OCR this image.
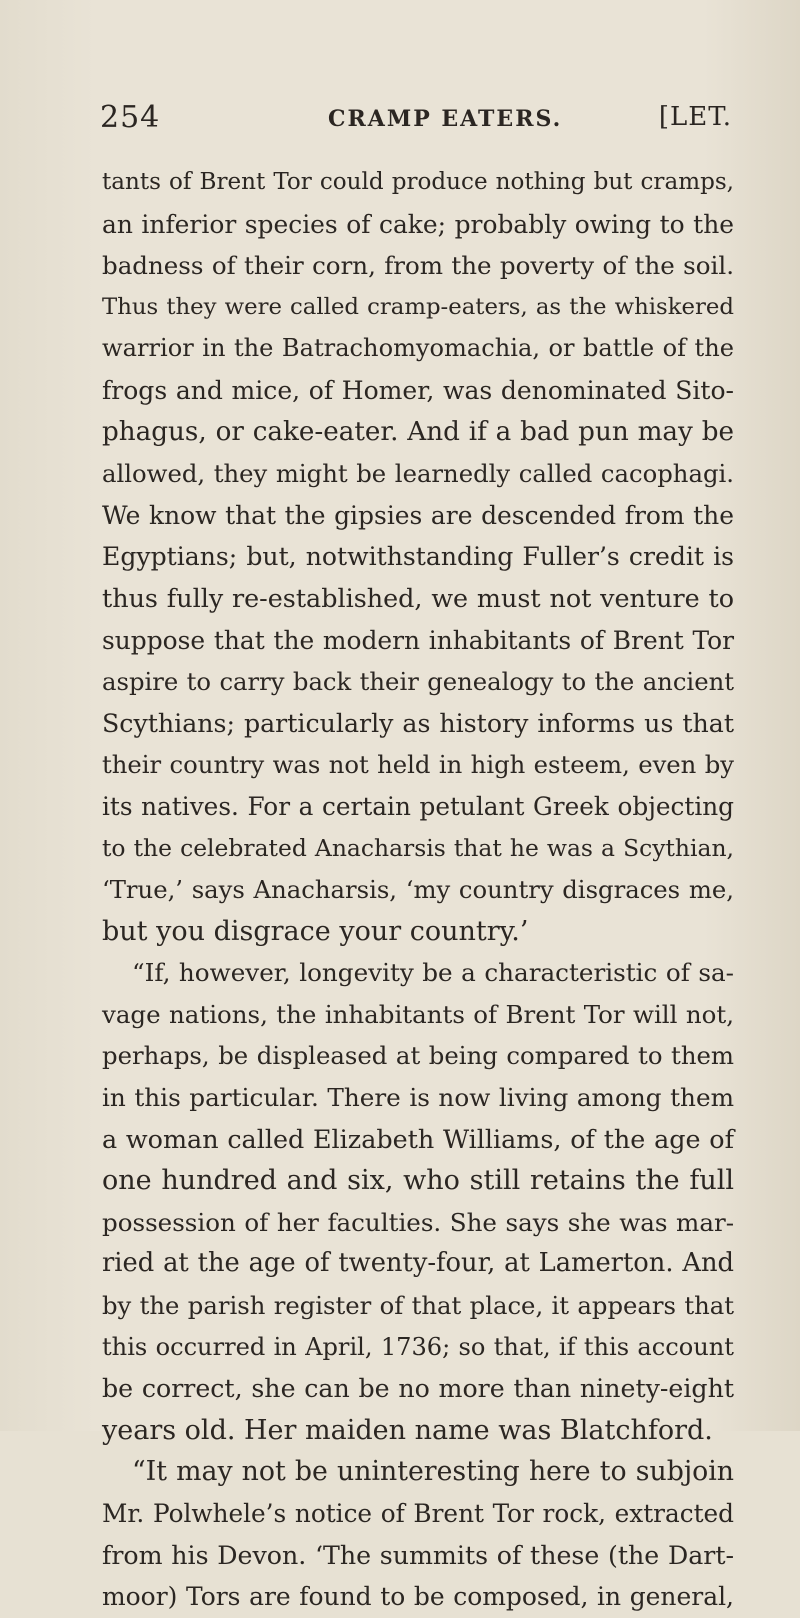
254	CRAMP EATERS.	[LET.
tants of Brent Tor could produce nothing but cramps,
an inferior species of cake; probably owing to the
badness of their corn, from the poverty of the soil.
Thus they were called cramp-eaters, as the whiskered
warrior in the Batrachomyomachia, or battle of the
frogs and mice, of Homer, was denominated Sito-
phagus, or cake-eater. And if a bad pun may be
allowed, they might be learnedly called cacophagi.
We know that the gipsies are descended from the
Egyptians; but, notwithstanding Fuller’s credit is
thus fully re-established, we must not venture to
suppose that the modern inhabitants of Brent Tor
aspire to carry back their genealogy to the ancient
Scythians; particularly as history informs us that
their country was not held in high esteem, even by
its natives. For a certain petulant Greek objecting
to the celebrated Anacharsis that he was a Scythian,
‘True,’ says Anacharsis, ‘my country disgraces me,
but you disgrace your country.’
“If, however, longevity be a characteristic of sa-
vage nations, the inhabitants of Brent Tor will not,
perhaps, be displeased at being compared to them
in this particular. There is now living among them
a woman called Elizabeth Williams, of the age of
one hundred and six, who still retains the full
possession of her faculties. She says she was mar-
ried at the age of twenty-four, at Lamerton. And
by the parish register of that place, it appears that
this occurred in April, 1736; so that, if this account
be correct, she can be no more than ninety-eight
years old. Her maiden name was Blatchford.
“It may not be uninteresting here to subjoin
Mr. Polwhele’s notice of Brent Tor rock, extracted
from his Devon. ‘The summits of these (the Dart-
moor) Tors are found to be composed, in general,
